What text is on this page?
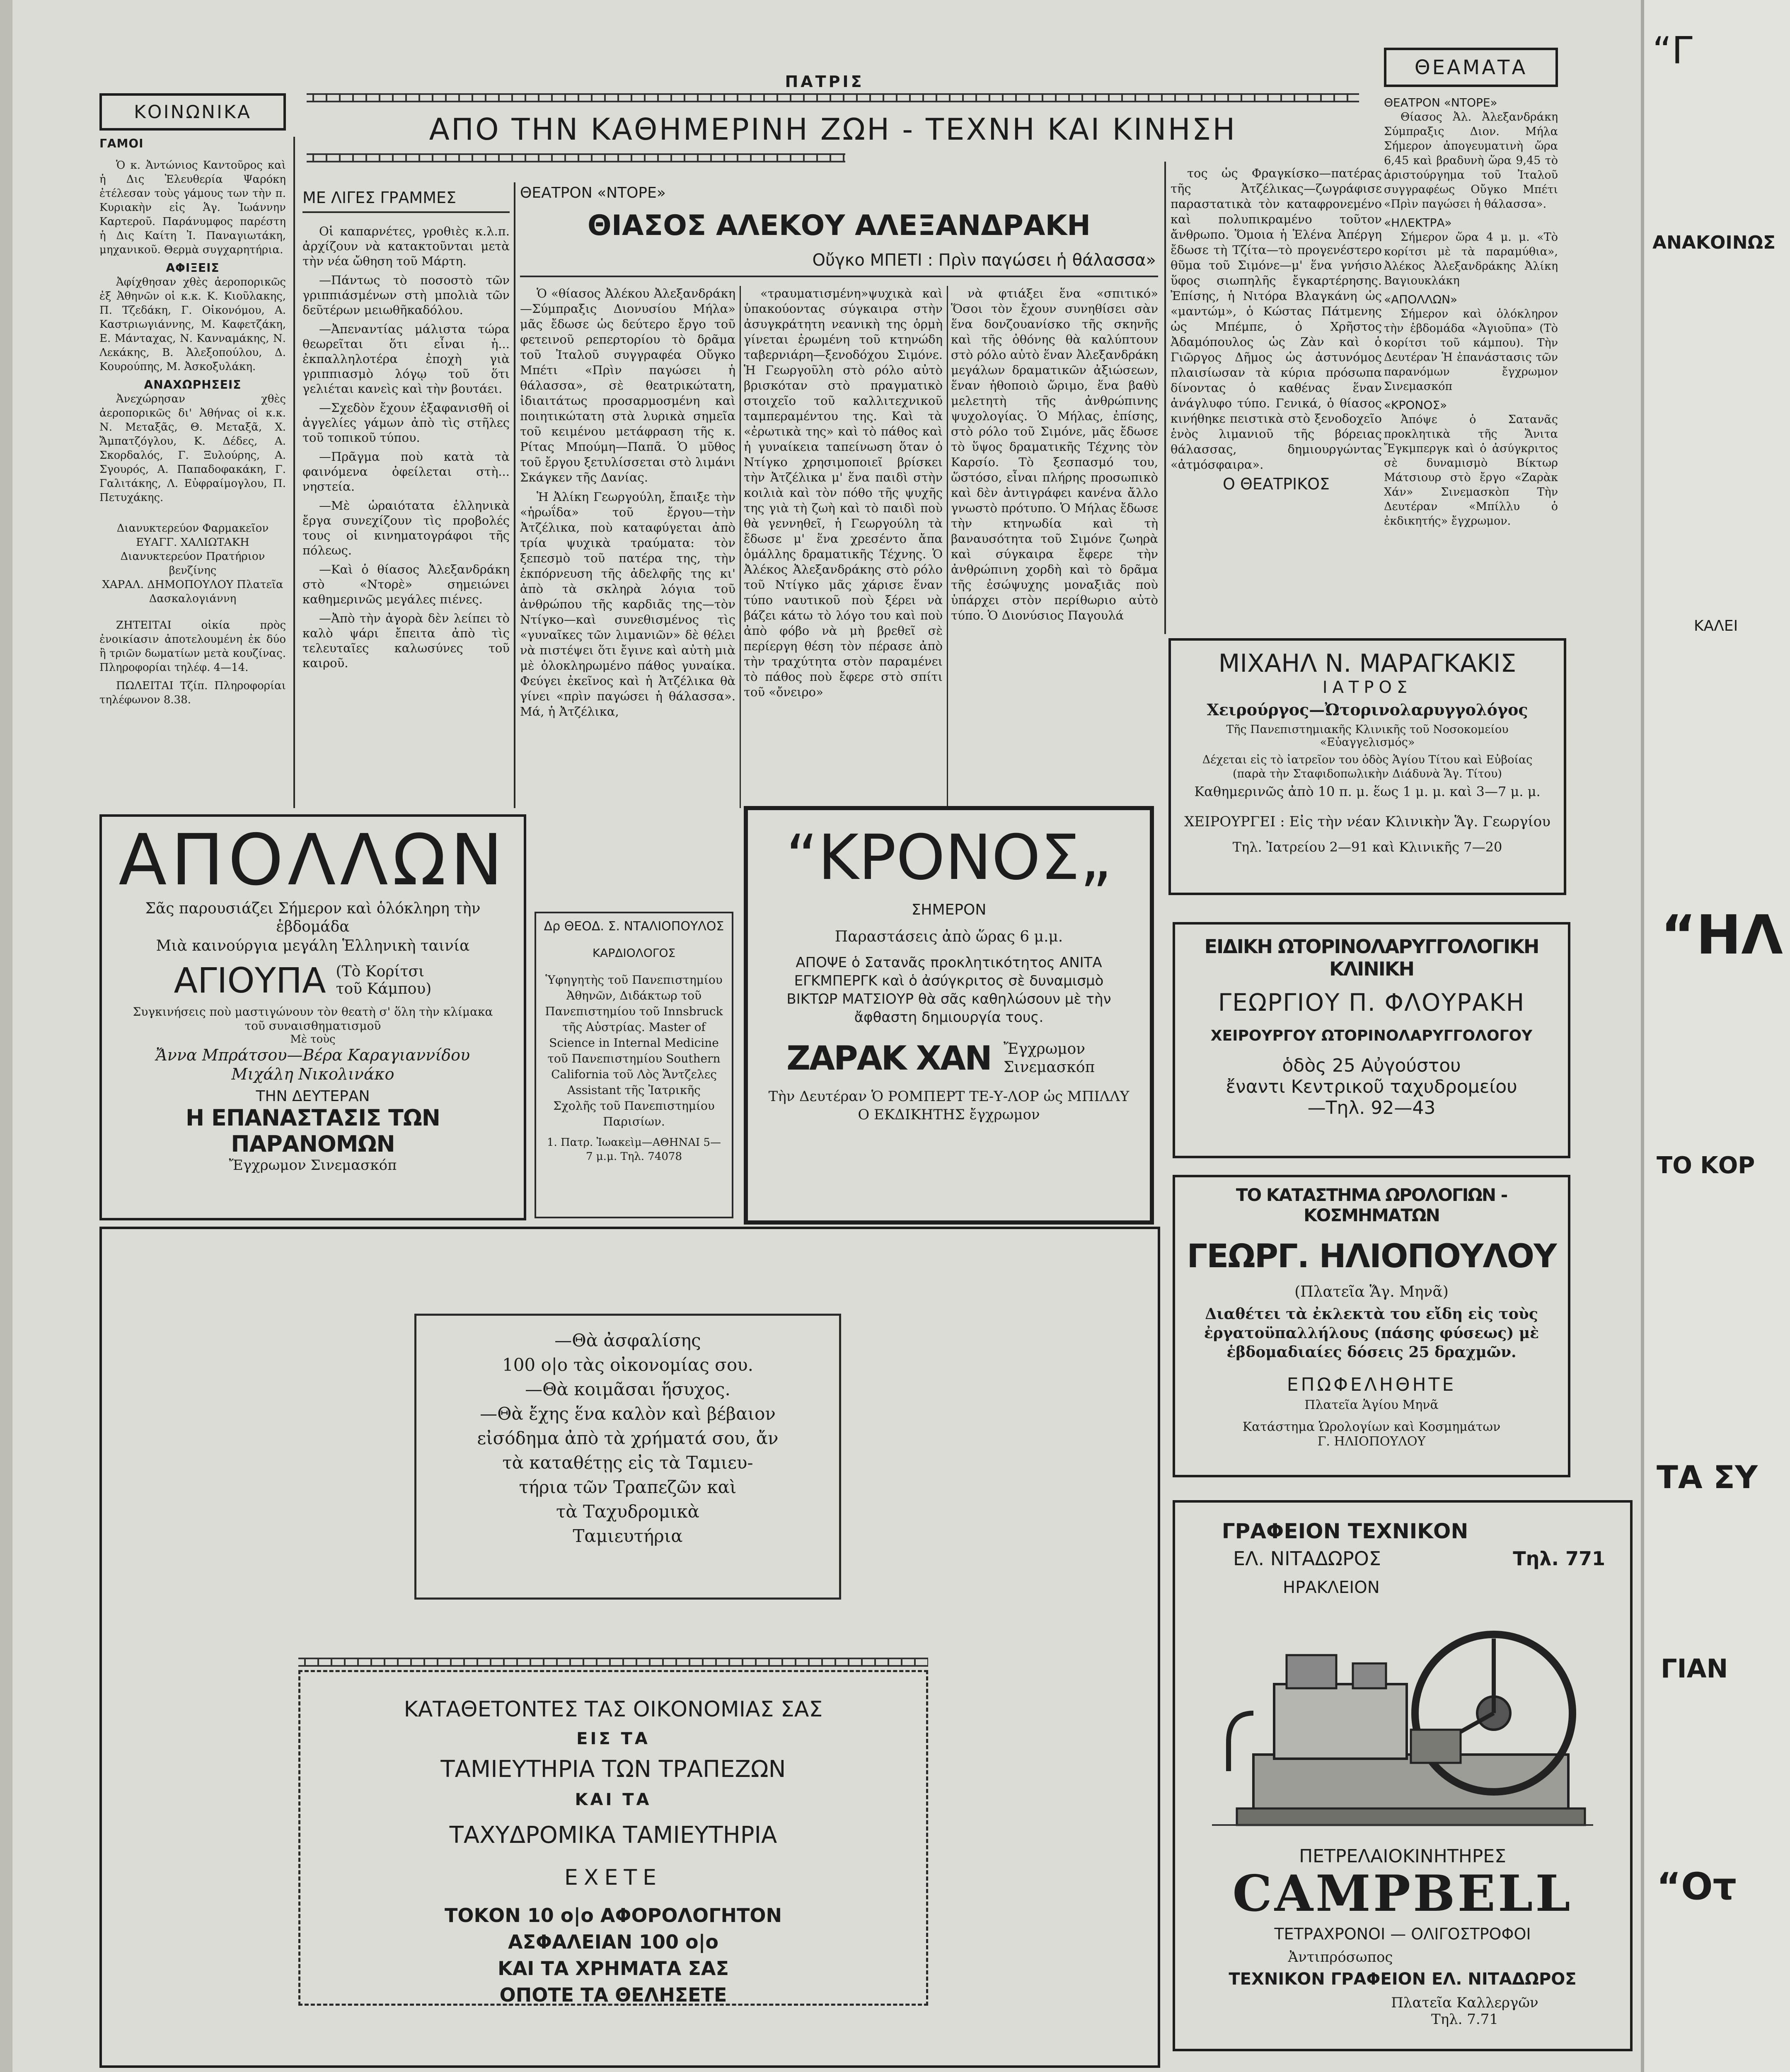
ΠΑΤΡΙΣ
ΑΠΟ ΤΗΝ ΚΑΘΗΜΕΡΙΝΗ ΖΩΗ - ΤΕΧΝΗ ΚΑΙ ΚΙΝΗΣΗ
ΚΟΙΝΩΝΙΚΑ
ΓΑΜΟΙ

Ὁ κ. Ἀντώνιος Καντοῦρος καὶ ἡ Δις Ἐλευθερία Ψαρόκη ἐτέλεσαν τοὺς γάμους των τὴν π. Κυριακὴν εἰς Ἁγ. Ἰωάννην Καρτεροῦ. Παράνυμφος παρέστη ἡ Δις Καίτη Ἰ. Παναγιωτάκη, μηχανικοῦ. Θερμὰ συγχαρητήρια.

ΑΦΙΞΕΙΣ

Ἀφίχθησαν χθὲς ἀεροπορικῶς ἐξ Ἀθηνῶν οἱ κ.κ. Κ. Κιοῦλακης, Π. Τζεδάκη, Γ. Οἰκονόμου, Α. Καστριωγιάννης, Μ. Καφετζάκη, Ε. Μάνταχας, Ν. Κανναμάκης, Ν. Λεκάκης, Β. Ἀλεξοπούλου, Δ. Κουρούπης, Μ. Ἀσκοξυλάκη.

ΑΝΑΧΩΡΗΣΕΙΣ

Ἀνεχώρησαν χθὲς ἀεροπορικῶς δι' Ἀθήνας οἱ κ.κ. Ν. Μεταξᾶς, Θ. Μεταξᾶ, Χ. Ἄμπατζόγλου, Κ. Δέδες, Α. Σκορδαλός, Γ. Ξυλούρης, Α. Σγουρός, Α. Παπαδοφακάκη, Γ. Γαλιτάκης, Λ. Εὐφραίμογλου, Π. Πετυχάκης.

Διανυκτερεύον Φαρμακεῖον ΕΥΑΓΓ. ΧΑΛΙΩΤΑΚΗ
Διανυκτερεύον Πρατήριον βενζίνης
ΧΑΡΑΛ. ΔΗΜΟΠΟΥΛΟΥ Πλατεῖα Δασκαλογιάννη

ΖΗΤΕΙΤΑΙ οἰκία πρὸς ἐνοικίασιν ἀποτελουμένη ἐκ δύο ἢ τριῶν δωματίων μετὰ κουζίνας. Πληροφορίαι τηλέφ. 4—14.

ΠΩΛΕΙΤΑΙ Τζίπ. Πληροφορίαι τηλέφωνον 8.38.

ΜΕ ΛΙΓΕΣ ΓΡΑΜΜΕΣ

Οἱ καπαρνέτες, γροθιὲς κ.λ.π. ἀρχίζουν νὰ κατακτοῦνται μετὰ τὴν νέα ὤθηση τοῦ Μάρτη.

—Πάντως τὸ ποσοστὸ τῶν γριππιάσμένων στὴ μπολιὰ τῶν δεῦτέρων μειωθῆκαδόλου.

—Ἀπεναντίας μάλιστα τώρα θεωρεῖται ὅτι εἶναι ἡ... ἐκπαλληλοτέρα ἐποχὴ γιὰ γριππιασμὸ λόγῳ τοῦ ὅτι γελιέται κανεὶς καὶ τὴν βουτάει.

—Σχεδὸν ἔχουν ἐξαφανισθῆ οἱ ἀγγελίες γάμων ἀπὸ τὶς στῆλες τοῦ τοπικοῦ τύπου.

—Πρᾶγμα ποὺ κατὰ τὰ φαινόμενα ὀφείλεται στὴ... νηστεία.

—Μὲ ὡραιότατα ἑλληνικὰ ἔργα συνεχίζουν τὶς προβολές τους οἱ κινηματογράφοι τῆς πόλεως.

—Καὶ ὁ θίασος Ἀλεξανδράκη στὸ «Ντορὲ» σημειώνει καθημερινῶς μεγάλες πιένες.

—Ἀπὸ τὴν ἀγορὰ δὲν λείπει τὸ καλὸ ψάρι ἔπειτα ἀπὸ τὶς τελευταῖες καλωσύνες τοῦ καιροῦ.

ΘΕΑΤΡΟΝ «ΝΤΟΡΕ»
ΘΙΑΣΟΣ ΑΛΕΚΟΥ ΑΛΕΞΑΝΔΡΑΚΗ
Οὔγκο ΜΠΕΤΙ : Πρὶν παγώσει ἡ θάλασσα»

Ὁ «θίασος Ἀλέκου Ἀλεξανδράκη—Σύμπραξις Διονυσίου Μήλα» μᾶς ἔδωσε ὡς δεύτερο ἔργο τοῦ φετεινοῦ ρεπερτορίου τὸ δρᾶμα τοῦ Ἰταλοῦ συγγραφέα Οὔγκο Μπέτι «Πρὶν παγώσει ἡ θάλασσα», σὲ θεατρικώτατη, ἰδιαιτάτως προσαρμοσμένη καὶ ποιητικώτατη στὰ λυρικὰ σημεῖα τοῦ κειμένου μετάφραση τῆς κ. Ρίτας Μπούμη—Παπᾶ. Ὁ μῦθος τοῦ ἔργου ξετυλίσσεται στὸ λιμάνι Σκάγκεν τῆς Δανίας.

Ἡ Ἀλίκη Γεωργούλη, ἔπαιξε τὴν «ἡρωΐδα» τοῦ ἔργου—τὴν Ἀτζέλικα, ποὺ καταφύγεται ἀπὸ τρία ψυχικὰ τραύματα: τὸν ξεπεσμὸ τοῦ πατέρα της, τὴν ἐκπόρνευση τῆς ἀδελφῆς της κι' ἀπὸ τὰ σκληρὰ λόγια τοῦ ἀνθρώπου τῆς καρδιᾶς της—τὸν Ντίγκο—καὶ συνεθισμένος τὶς «γυναῖκες τῶν λιμανιῶν» δὲ θέλει νὰ πιστέψει ὅτι ἔγινε καὶ αὐτὴ μιὰ μὲ ὁλοκληρωμένο πάθος γυναίκα. Φεύγει ἐκεῖνος καὶ ἡ Ἀτζέλικα θὰ γίνει «πρὶν παγώσει ἡ θάλασσα». Μά, ἡ Ἀτζέλικα,

«τραυματισμένη»ψυχικὰ καὶ ὑπακούοντας σύγκαιρα στὴν ἀσυγκράτητη νεανικὴ της ὁρμὴ γίνεται ἐρωμένη τοῦ κτηνώδη ταβερνιάρη—ξενοδόχου Σιμόνε. Ἡ Γεωργοῦλη στὸ ρόλο αὐτὸ βρισκόταν στὸ πραγματικὸ στοιχεῖο τοῦ καλλιτεχνικοῦ ταμπεραμέντου της. Καὶ τὰ «ἐρωτικὰ της» καὶ τὸ πάθος καὶ ἡ γυναίκεια ταπείνωση ὅταν ὁ Ντίγκο χρησιμοποιεῖ βρίσκει τὴν Ἀτζέλικα μ' ἕνα παιδὶ στὴν κοιλιὰ καὶ τὸν πόθο τῆς ψυχῆς της γιὰ τὴ ζωὴ καὶ τὸ παιδὶ ποὺ θὰ γεννηθεῖ, ἡ Γεωργούλη τὰ ἔδωσε μ' ἕνα χρεσέντο ἄπα ὁμάλλης δραματικῆς Τέχνης. Ὁ Ἀλέκος Ἀλεξανδράκης στὸ ρόλο τοῦ Ντίγκο μᾶς χάρισε ἕναν τύπο ναυτικοῦ ποὺ ξέρει νὰ βάζει κάτω τὸ λόγο του καὶ ποὺ ἀπὸ φόβο νὰ μὴ βρεθεῖ σὲ περίεργη θέση τὸν πέρασε ἀπὸ τὴν τραχύτητα στὸν παραμένει τὸ πάθος ποὺ ἔφερε στὸ σπίτι τοῦ «ὄνειρο»

νὰ φτιάξει ἕνα «σπιτικό» Ὅσοι τὸν ἔχουν συνηθίσει σὰν ἕνα δονζουανίσκο τῆς σκηνῆς καὶ τῆς ὀθόνης θὰ καλύπτουν στὸ ρόλο αὐτὸ ἕναν Ἀλεξανδράκη μεγάλων δραματικῶν ἀξιώσεων, ἕναν ἠθοποιὸ ὥριμο, ἕνα βαθὺ μελετητὴ τῆς ἀνθρώπινης ψυχολογίας. Ὁ Μήλας, ἐπίσης, στὸ ρόλο τοῦ Σιμόνε, μᾶς ἔδωσε τὸ ὕψος δραματικῆς Τέχνης τὸν Καρσίο. Τὸ ξεσπασμό του, ὥστόσο, εἶναι πλήρης προσωπικὸ καὶ δὲν ἀντιγράφει κανένα ἄλλο γνωστὸ πρότυπο. Ὁ Μήλας ἔδωσε τὴν κτηνωδία καὶ τὴ βαναυσότητα τοῦ Σιμόνε ζωηρὰ καὶ σύγκαιρα ἔφερε τὴν ἀνθρώπινη χορδὴ καὶ τὸ δρᾶμα τῆς ἐσώψυχης μοναξιᾶς ποὺ ὑπάρχει στὸν περίθωριο αὐτὸ τύπο. Ὁ Διονύσιος Παγουλά

τος ὡς Φραγκίσκο—πατέρας τῆς Ἀτζέλικας—ζωγράφισε παραστατικὰ τὸν καταφρονεμένο καὶ πολυπικραμένο τοῦτον ἄνθρωπο. Ὅμοια ἡ Ἑλένα Ἀπέργη ἔδωσε τὴ Τζίτα—τὸ προγενέστερο θῦμα τοῦ Σιμόνε—μ' ἕνα γνήσιο ὕφος σιωπηλῆς ἔγκαρτέρησης. Ἐπίσης, ἡ Νιτόρα Βλαγκάνη ὡς «μαντώμ», ὁ Κώστας Πάτμενης ὡς Μπέμπε, ὁ Χρῆστος Ἀδαμόπουλος ὡς Ζὰν καὶ ὁ Γιῶργος Δῆμος ὡς ἀστυνόμος πλαισίωσαν τὰ κύρια πρόσωπα δίνοντας ὁ καθένας ἕναν ἁνάγλυφο τύπο. Γενικά, ὁ θίασος κινήθηκε πειστικὰ στὸ ξενοδοχεῖο ἑνὸς λιμανιοῦ τῆς βόρειας θάλασσας, δημιουργώντας «ἀτμόσφαιρα».

Ο ΘΕΑΤΡΙΚΟΣ
ΘΕΑΜΑΤΑ
ΘΕΑΤΡΟΝ «ΝΤΟΡΕ»

Θίασος Ἀλ. Ἀλεξανδράκη Σύμπραξις Διον. Μήλα Σήμερον ἀπογευματινὴ ὥρα 6,45 καὶ βραδυνὴ ὥρα 9,45 τὸ ἀριστούργημα τοῦ Ἰταλοῦ συγγραφέως Οὔγκο Μπέτι «Πρὶν παγώσει ἡ θάλασσα».

«ΗΛΕΚΤΡΑ»

Σήμερον ὥρα 4 μ. μ. «Τὸ κορίτσι μὲ τὰ παραμύθια», Ἀλέκος Ἀλεξανδράκης Ἀλίκη Βαγιουκλάκη

«ΑΠΟΛΛΩΝ»

Σήμερον καὶ ὁλόκληρον τὴν ἑβδομάδα «Ἀγιοῦπα» (Τὸ κορίτσι τοῦ κάμπου). Τὴν Δευτέραν Ἡ ἐπανάστασις τῶν παρανόμων ἔγχρωμον Σινεμασκόπ

«ΚΡΟΝΟΣ»

Ἀπόψε ὁ Σατανᾶς προκλητικὰ τῆς Ἄνιτα Ἔγκμπεργκ καὶ ὁ ἀσύγκριτος σὲ δυναμισμὸ Βίκτωρ Μάτσιουρ στὸ ἔργο «Ζαρὰκ Χάν» Σινεμασκὸπ Τὴν Δευτέραν «Μπίλλυ ὁ ἐκδικητής» ἔγχρωμον.

ΑΠΟΛΛΩΝ
Σᾶς παρουσιάζει Σήμερον καὶ ὁλόκληρη τὴν ἑβδομάδα
Μιὰ καινούργια μεγάλη Ἑλληνικὴ ταινία
ΑΓΙΟΥΠΑ (Τὸ Κορίτσι τοῦ Κάμπου)
Συγκινήσεις ποὺ μαστιγώνουν τὸν θεατὴ σ' ὅλη τὴν κλίμακα τοῦ συναισθηματισμοῦ
Μὲ τοὺς
Ἄννα Μπράτσου—Βέρα Καραγιαννίδου Μιχάλη Νικολινάκο
ΤΗΝ ΔΕΥΤΕΡΑΝ
Η ΕΠΑΝΑΣΤΑΣΙΣ ΤΩΝ ΠΑΡΑΝΟΜΩΝ
Ἔγχρωμον Σινεμασκόπ
Δρ ΘΕΟΔ. Σ. ΝΤΑΛΙΟΠΟΥΛΟΣ
ΚΑΡΔΙΟΛΟΓΟΣ
Ὑφηγητὴς τοῦ Πανεπιστημίου Ἀθηνῶν, Διδάκτωρ τοῦ Πανεπιστημίου τοῦ Innsbruck τῆς Αὐστρίας. Master of Science in Internal Medicine τοῦ Πανεπιστημίου Southern California τοῦ Λὸς Ἄντζελες Assistant τῆς Ἰατρικῆς Σχολῆς τοῦ Πανεπιστημίου Παρισίων.
1. Πατρ. Ἰωακεὶμ—ΑΘΗΝΑΙ 5—7 μ.μ. Τηλ. 74078
“ΚΡΟΝΟΣ„
ΣΗΜΕΡΟΝ
Παραστάσεις ἀπὸ ὥρας 6 μ.μ.
ΑΠΟΨΕ ὁ Σατανᾶς προκλητικότητος ΑΝΙΤΑ ΕΓΚΜΠΕΡΓΚ καὶ ὁ ἀσύγκριτος σὲ δυναμισμὸ ΒΙΚΤΩΡ ΜΑΤΣΙΟΥΡ θὰ σᾶς καθηλώσουν μὲ τὴν ἄφθαστη δημιουργία τους.
ΖΑΡΑΚ ΧΑΝ Ἔγχρωμον Σινεμασκόπ
Τὴν Δευτέραν Ὁ ΡΟΜΠΕΡΤ ΤΕ-Υ-ΛΟΡ ὡς ΜΠΙΛΛΥ Ο ΕΚΔΙΚΗΤΗΣ ἔγχρωμον
ΜΙΧΑΗΛ Ν. ΜΑΡΑΓΚΑΚΙΣ
ΙΑΤΡΟΣ
Χειρούργος—Ὠτορινολαρυγγολόγος
Τῆς Πανεπιστημιακῆς Κλινικῆς τοῦ Νοσοκομείου «Εὐαγγελισμός»
Δέχεται εἰς τὸ ἰατρεῖον του ὁδὸς Ἁγίου Τίτου καὶ Εὐβοίας (παρὰ τὴν Σταφιδοπωλικὴν Διάδυνὰ Ἅγ. Τίτου)
Καθημερινῶς ἀπὸ 10 π. μ. ἕως 1 μ. μ. καὶ 3—7 μ. μ.
ΧΕΙΡΟΥΡΓΕΙ : Εἰς τὴν νέαν Κλινικὴν Ἅγ. Γεωργίου
Τηλ. Ἰατρείου 2—91 καὶ Κλινικῆς 7—20
ΕΙΔΙΚΗ ΩΤΟΡΙΝΟΛΑΡΥΓΓΟΛΟΓΙΚΗ ΚΛΙΝΙΚΗ
ΓΕΩΡΓΙΟΥ Π. ΦΛΟΥΡΑΚΗ
ΧΕΙΡΟΥΡΓΟΥ ΩΤΟΡΙΝΟΛΑΡΥΓΓΟΛΟΓΟΥ
ὁδὸς 25 Αὐγούστου
ἔναντι Κεντρικοῦ ταχυδρομείου
—Τηλ. 92—43
ΤΟ ΚΑΤΑΣΤΗΜΑ ΩΡΟΛΟΓΙΩΝ - ΚΟΣΜΗΜΑΤΩΝ
ΓΕΩΡΓ. ΗΛΙΟΠΟΥΛΟΥ
(Πλατεῖα Ἅγ. Μηνᾶ)
Διαθέτει τὰ ἐκλεκτὰ του εἴδη εἰς τοὺς ἐργατοϋπαλλήλους (πάσης φύσεως) μὲ ἑβδομαδιαίες δόσεις 25 δραχμῶν.
ΕΠΩΦΕΛΗΘΗΤΕ
Πλατεῖα Ἁγίου Μηνᾶ
Κατάστημα Ὡρολογίων καὶ Κοσμημάτων
Γ. ΗΛΙΟΠΟΥΛΟΥ
—Θὰ ἀσφαλίσης
100 ο|ο τὰς οἰκονομίας σου.
—Θὰ κοιμᾶσαι ἥσυχος.
—Θὰ ἔχης ἕνα καλὸν καὶ βέβαιον
εἰσόδημα ἀπὸ τὰ χρήματά σου, ἄν
τὰ καταθέτῃς εἰς τὰ Ταμιευ-
τήρια τῶν Τραπεζῶν καὶ
τὰ Ταχυδρομικὰ
Ταμιευτήρια
ΚΑΤΑΘΕΤΟΝΤΕΣ ΤΑΣ ΟΙΚΟΝΟΜΙΑΣ ΣΑΣ
ΕΙΣ ΤΑ
ΤΑΜΙΕΥΤΗΡΙΑ ΤΩΝ ΤΡΑΠΕΖΩΝ
ΚΑΙ ΤΑ
ΤΑΧΥΔΡΟΜΙΚΑ ΤΑΜΙΕΥΤΗΡΙΑ
ΕΧΕΤΕ
ΤΟΚΟΝ 10 ο|ο ΑΦΟΡΟΛΟΓΗΤΟΝ
ΑΣΦΑΛΕΙΑΝ 100 ο|ο
ΚΑΙ ΤΑ ΧΡΗΜΑΤΑ ΣΑΣ
ΟΠΟΤΕ ΤΑ ΘΕΛΗΣΕΤΕ
ΓΡΑΦΕΙΟΝ ΤΕΧΝΙΚΟΝ
ΕΛ. ΝΙΤΑΔΩΡΟΣ	Τηλ. 771
ΗΡΑΚΛΕΙΟΝ
ΠΕΤΡΕΛΑΙΟΚΙΝΗΤΗΡΕΣ
CAMPBELL
ΤΕΤΡΑΧΡΟΝΟΙ — ΟΛΙΓΟΣΤΡΟΦΟΙ
Ἀντιπρόσωπος
ΤΕΧΝΙΚΟΝ ΓΡΑΦΕΙΟΝ ΕΛ. ΝΙΤΑΔΩΡΟΣ
Πλατεῖα Καλλεργῶν
Τηλ. 7.71
“Γ
ΑΝΑΚΟΙΝΩΣ
ΚΑΛΕΙ
“ΗΛ
ΤΟ ΚΟΡ
ΤΑ ΣΥ
ΓΙΑΝ
“Οτ
